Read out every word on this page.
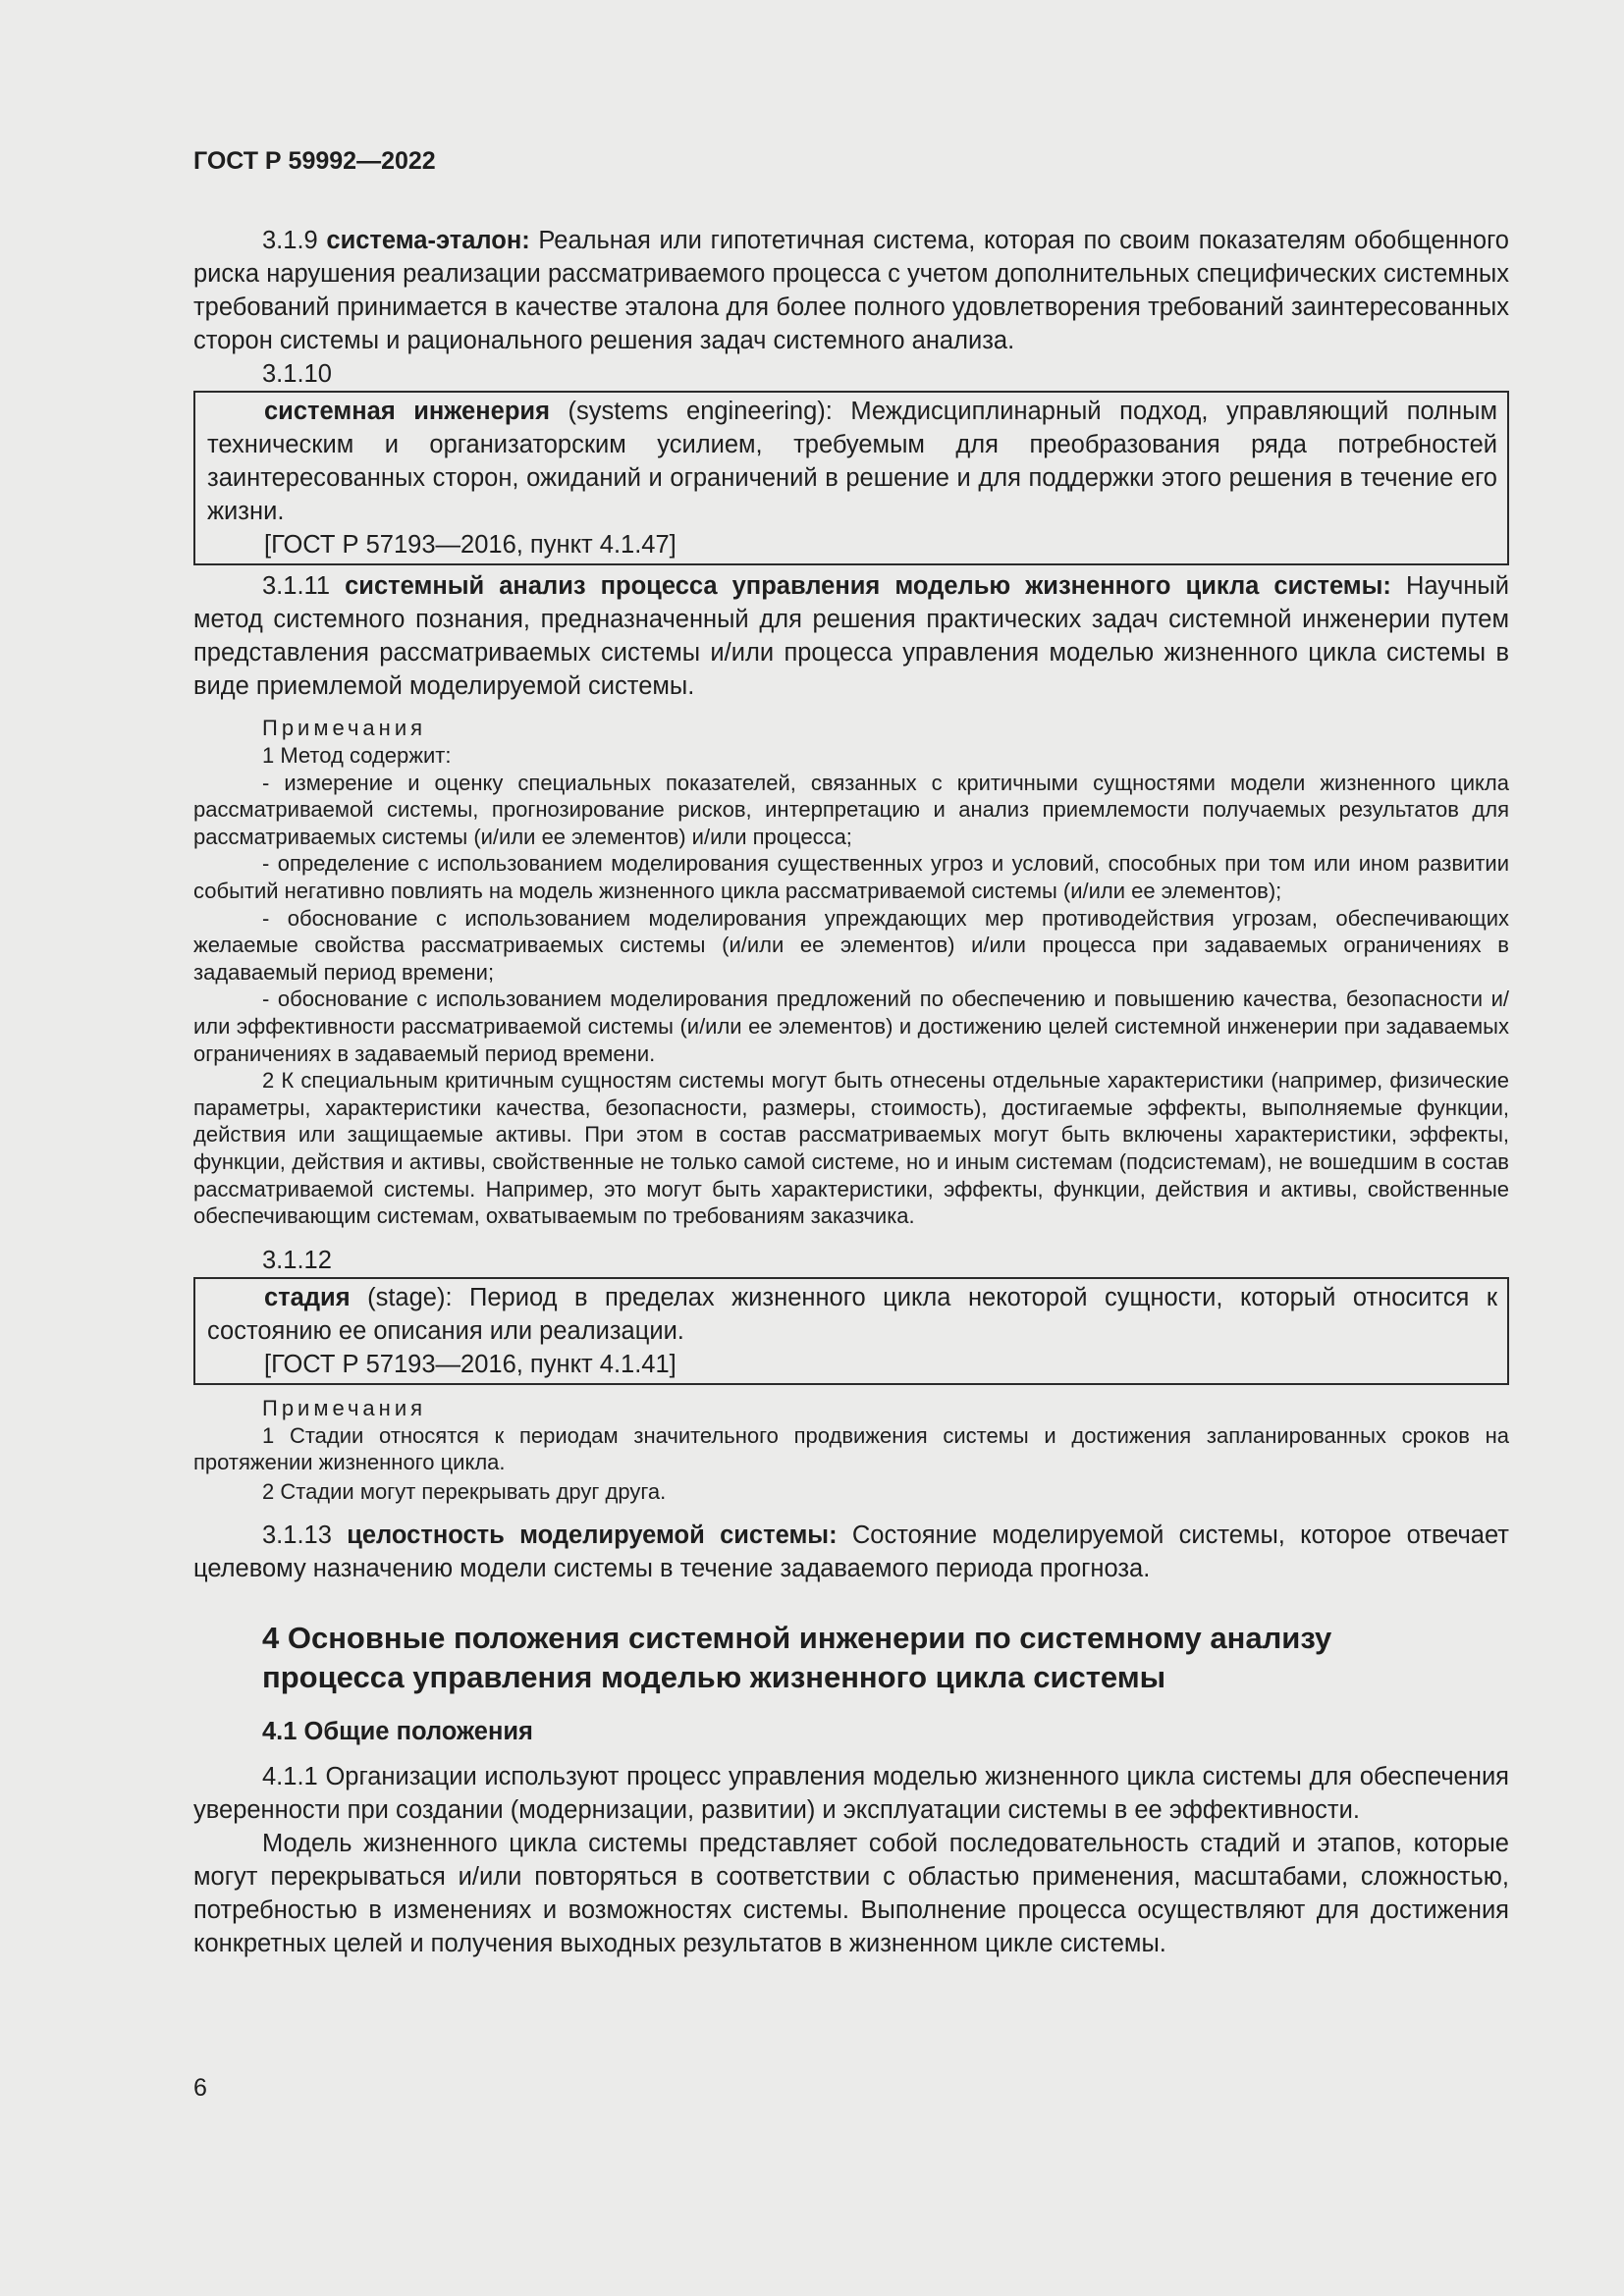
ГОСТ Р 59992—2022

3.1.9 система-эталон: Реальная или гипотетичная система, которая по своим показателям обобщенного риска нарушения реализации рассматриваемого процесса с учетом дополнительных специфических системных требований принимается в качестве эталона для более полного удовлетворения требований заинтересованных сторон системы и рационального решения задач системного анализа.

3.1.10

системная инженерия (systems engineering): Междисциплинарный подход, управляющий полным техническим и организаторским усилием, требуемым для преобразования ряда потребностей заинтересованных сторон, ожиданий и ограничений в решение и для поддержки этого решения в течение его жизни.

[ГОСТ Р 57193—2016, пункт 4.1.47]

3.1.11 системный анализ процесса управления моделью жизненного цикла системы: Научный метод системного познания, предназначенный для решения практических задач системной инженерии путем представления рассматриваемых системы и/или процесса управления моделью жизненного цикла системы в виде приемлемой моделируемой системы.

Примечания

1 Метод содержит:

- измерение и оценку специальных показателей, связанных с критичными сущностями модели жизненного цикла рассматриваемой системы, прогнозирование рисков, интерпретацию и анализ приемлемости получаемых результатов для рассматриваемых системы (и/или ее элементов) и/или процесса;

- определение с использованием моделирования существенных угроз и условий, способных при том или ином развитии событий негативно повлиять на модель жизненного цикла рассматриваемой системы (и/или ее элементов);

- обоснование с использованием моделирования упреждающих мер противодействия угрозам, обеспечивающих желаемые свойства рассматриваемых системы (и/или ее элементов) и/или процесса при задаваемых ограничениях в задаваемый период времени;

- обоснование с использованием моделирования предложений по обеспечению и повышению качества, безопасности и/или эффективности рассматриваемой системы (и/или ее элементов) и достижению целей системной инженерии при задаваемых ограничениях в задаваемый период времени.

2 К специальным критичным сущностям системы могут быть отнесены отдельные характеристики (например, физические параметры, характеристики качества, безопасности, размеры, стоимость), достигаемые эффекты, выполняемые функции, действия или защищаемые активы. При этом в состав рассматриваемых могут быть включены характеристики, эффекты, функции, действия и активы, свойственные не только самой системе, но и иным системам (подсистемам), не вошедшим в состав рассматриваемой системы. Например, это могут быть характеристики, эффекты, функции, действия и активы, свойственные обеспечивающим системам, охватываемым по требованиям заказчика.

3.1.12

стадия (stage): Период в пределах жизненного цикла некоторой сущности, который относится к состоянию ее описания или реализации.

[ГОСТ Р 57193—2016, пункт 4.1.41]

Примечания

1 Стадии относятся к периодам значительного продвижения системы и достижения запланированных сроков на протяжении жизненного цикла.

2 Стадии могут перекрывать друг друга.

3.1.13 целостность моделируемой системы: Состояние моделируемой системы, которое отвечает целевому назначению модели системы в течение задаваемого периода прогноза.

4 Основные положения системной инженерии по системному анализу
процесса управления моделью жизненного цикла системы

4.1 Общие положения

4.1.1 Организации используют процесс управления моделью жизненного цикла системы для обеспечения уверенности при создании (модернизации, развитии) и эксплуатации системы в ее эффективности.

Модель жизненного цикла системы представляет собой последовательность стадий и этапов, которые могут перекрываться и/или повторяться в соответствии с областью применения, масштабами, сложностью, потребностью в изменениях и возможностях системы. Выполнение процесса осуществляют для достижения конкретных целей и получения выходных результатов в жизненном цикле системы.

6
